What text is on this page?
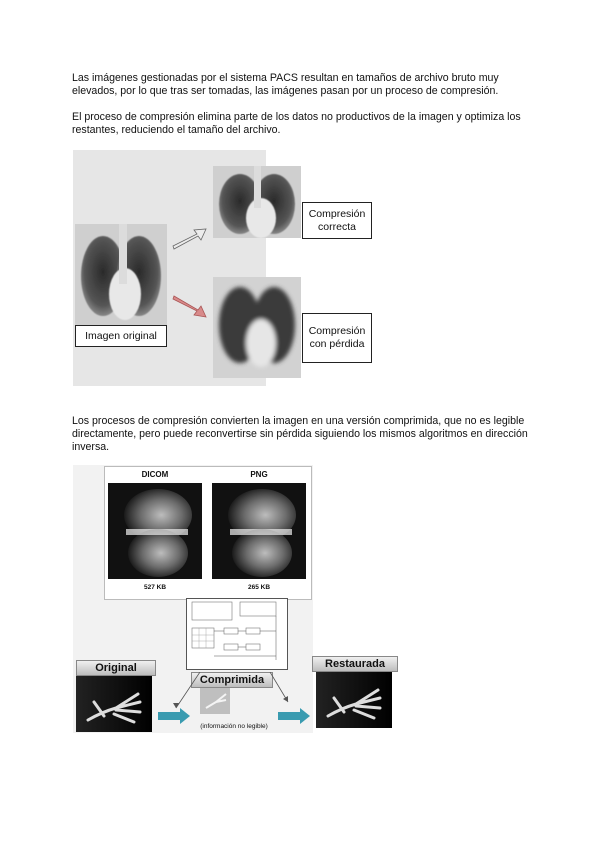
Las imágenes gestionadas por el sistema PACS resultan en tamaños de archivo bruto muy elevados, por lo que tras ser tomadas, las imágenes pasan por un proceso de compresión.

El proceso de compresión elimina parte de los datos no productivos de la imagen y optimiza los restantes, reduciendo el tamaño del archivo.

Imagen original
Compresión
correcta
Compresión
con pérdida

Los procesos de compresión convierten la imagen en una versión comprimida, que no es legible directamente, pero puede reconvertirse sin pérdida siguiendo los mismos algoritmos en dirección inversa.

DICOM	PNG
527 KB	265 KB
Original
Comprimida
Restaurada
(información no legible)
